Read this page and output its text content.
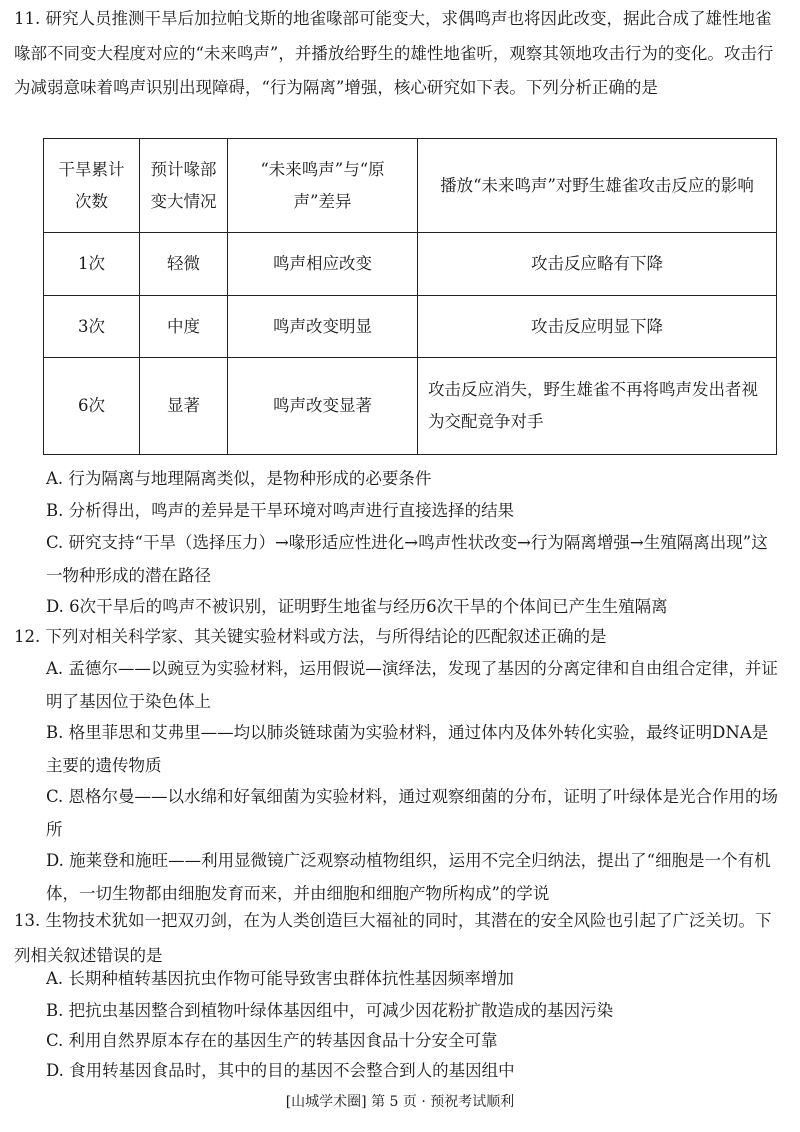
11. 研究人员推测干旱后加拉帕戈斯的地雀喙部可能变大，求偶鸣声也将因此改变，据此合成了雄性地雀喙部不同变大程度对应的“未来鸣声”，并播放给野生的雄性地雀听，观察其领地攻击行为的变化。攻击行为减弱意味着鸣声识别出现障碍，“行为隔离”增强，核心研究如下表。下列分析正确的是
干旱累计次数	预计喙部变大情况	“未来鸣声”与“原声”差异	播放“未来鸣声”对野生雄雀攻击反应的影响
1次	轻微	鸣声相应改变	攻击反应略有下降
3次	中度	鸣声改变明显	攻击反应明显下降
6次	显著	鸣声改变显著	攻击反应消失，野生雄雀不再将鸣声发出者视为交配竞争对手
A. 行为隔离与地理隔离类似，是物种形成的必要条件
B. 分析得出，鸣声的差异是干旱环境对鸣声进行直接选择的结果
C. 研究支持“干旱（选择压力）→喙形适应性进化→鸣声性状改变→行为隔离增强→生殖隔离出现”这一物种形成的潜在路径
D. 6次干旱后的鸣声不被识别，证明野生地雀与经历6次干旱的个体间已产生生殖隔离
12. 下列对相关科学家、其关键实验材料或方法，与所得结论的匹配叙述正确的是
A. 孟德尔——以豌豆为实验材料，运用假说—演绎法，发现了基因的分离定律和自由组合定律，并证明了基因位于染色体上
B. 格里菲思和艾弗里——均以肺炎链球菌为实验材料，通过体内及体外转化实验，最终证明DNA是主要的遗传物质
C. 恩格尔曼——以水绵和好氧细菌为实验材料，通过观察细菌的分布，证明了叶绿体是光合作用的场所
D. 施莱登和施旺——利用显微镜广泛观察动植物组织，运用不完全归纳法，提出了“细胞是一个有机体，一切生物都由细胞发育而来，并由细胞和细胞产物所构成”的学说
13. 生物技术犹如一把双刃剑，在为人类创造巨大福祉的同时，其潜在的安全风险也引起了广泛关切。下列相关叙述错误的是
A. 长期种植转基因抗虫作物可能导致害虫群体抗性基因频率增加
B. 把抗虫基因整合到植物叶绿体基因组中，可减少因花粉扩散造成的基因污染
C. 利用自然界原本存在的基因生产的转基因食品十分安全可靠
D. 食用转基因食品时，其中的目的基因不会整合到人的基因组中
[山城学术圈] 第 5 页 · 预祝考试顺利
